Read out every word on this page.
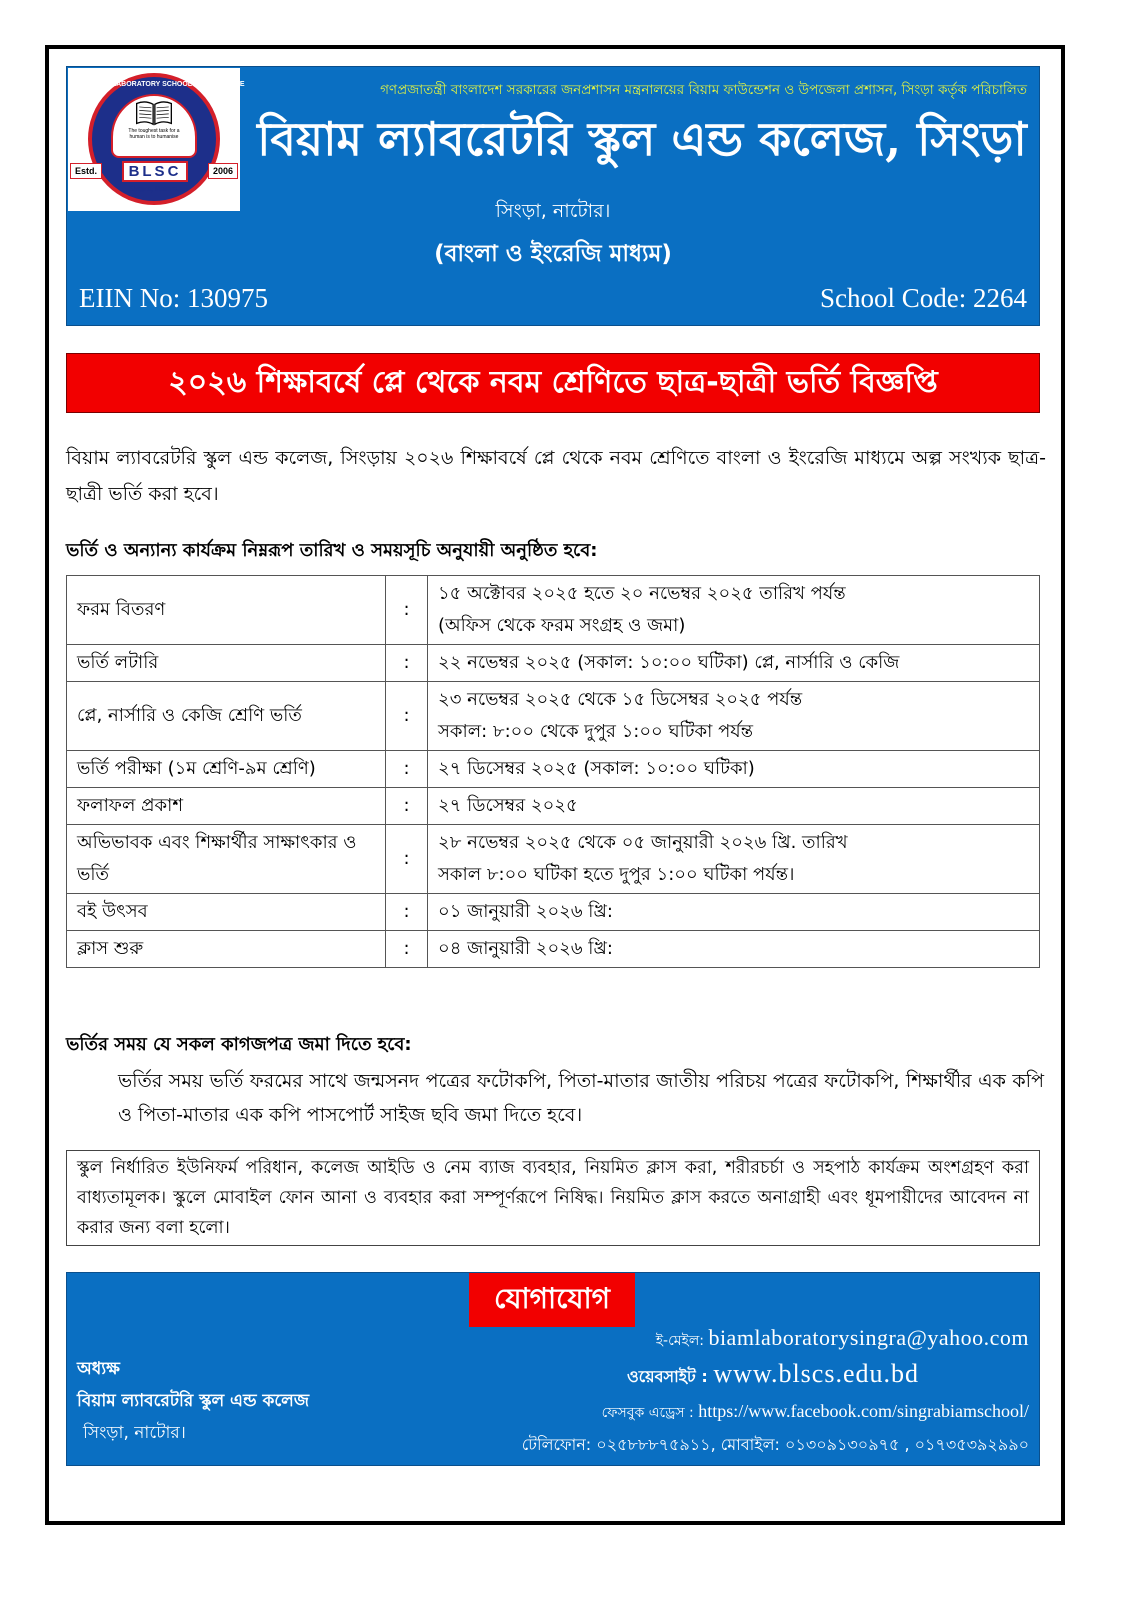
BIAM LABORATORY SCHOOL AND COLLEGE
The toughest task for a human is to humanise
Estd.	BLSC	2006
Singra, Natore.
গণপ্রজাতন্ত্রী বাংলাদেশ সরকারের জনপ্রশাসন মন্ত্রনালয়ের বিয়াম ফাউন্ডেশন ও উপজেলা প্রশাসন, সিংড়া কর্তৃক পরিচালিত
বিয়াম ল্যাবরেটরি স্কুল এন্ড কলেজ, সিংড়া
সিংড়া, নাটোর।
(বাংলা ও ইংরেজি মাধ্যম)
EIIN No: 130975	School Code: 2264
২০২৬ শিক্ষাবর্ষে প্লে থেকে নবম শ্রেণিতে ছাত্র-ছাত্রী ভর্তি বিজ্ঞপ্তি

বিয়াম ল্যাবরেটরি স্কুল এন্ড কলেজ, সিংড়ায় ২০২৬ শিক্ষাবর্ষে প্লে থেকে নবম শ্রেণিতে বাংলা ও ইংরেজি মাধ্যমে অল্প সংখ্যক ছাত্র-ছাত্রী ভর্তি করা হবে।

ভর্তি ও অন্যান্য কার্যক্রম নিম্নরূপ তারিখ ও সময়সূচি অনুযায়ী অনুষ্ঠিত হবে:
ফরম বিতরণ	:	১৫ অক্টোবর ২০২৫ হতে ২০ নভেম্বর ২০২৫ তারিখ পর্যন্ত
(অফিস থেকে ফরম সংগ্রহ ও জমা)

ভর্তি লটারি	:	২২ নভেম্বর ২০২৫ (সকাল: ১০:০০ ঘটিকা) প্লে, নার্সারি ও কেজি

প্লে, নার্সারি ও কেজি শ্রেণি ভর্তি	:	২৩ নভেম্বর ২০২৫ থেকে ১৫ ডিসেম্বর ২০২৫ পর্যন্ত
সকাল: ৮:০০ থেকে দুপুর ১:০০ ঘটিকা পর্যন্ত

ভর্তি পরীক্ষা (১ম শ্রেণি-৯ম শ্রেণি)	:	২৭ ডিসেম্বর ২০২৫ (সকাল: ১০:০০ ঘটিকা)

ফলাফল প্রকাশ	:	২৭ ডিসেম্বর ২০২৫

অভিভাবক এবং শিক্ষার্থীর সাক্ষাৎকার ও ভর্তি	:	২৮ নভেম্বর ২০২৫ থেকে ০৫ জানুয়ারী ২০২৬ খ্রি. তারিখ
সকাল ৮:০০ ঘটিকা হতে দুপুর ১:০০ ঘটিকা পর্যন্ত।

বই উৎসব	:	০১ জানুয়ারী ২০২৬ খ্রি:

ক্লাস শুরু	:	০৪ জানুয়ারী ২০২৬ খ্রি:
ভর্তির সময় যে সকল কাগজপত্র জমা দিতে হবে:

ভর্তির সময় ভর্তি ফরমের সাথে জন্মসনদ পত্রের ফটোকপি, পিতা-মাতার জাতীয় পরিচয় পত্রের ফটোকপি, শিক্ষার্থীর এক কপি ও পিতা-মাতার এক কপি পাসপোর্ট সাইজ ছবি জমা দিতে হবে।

স্কুল নির্ধারিত ইউনিফর্ম পরিধান, কলেজ আইডি ও নেম ব্যাজ ব্যবহার, নিয়মিত ক্লাস করা, শরীরচর্চা ও সহপাঠ কার্যক্রম অংশগ্রহণ করা বাধ্যতামূলক। স্কুলে মোবাইল ফোন আনা ও ব্যবহার করা সম্পূর্ণরূপে নিষিদ্ধ। নিয়মিত ক্লাস করতে অনাগ্রাহী এবং ধূমপায়ীদের আবেদন না করার জন্য বলা হলো।
যোগাযোগ
অধ্যক্ষ
বিয়াম ল্যাবরেটরি স্কুল এন্ড কলেজ
সিংড়া, নাটোর।
ই-মেইল: biamlaboratorysingra@yahoo.com
ওয়েবসাইট : www.blscs.edu.bd
ফেসবুক এড্রেস : https://www.facebook.com/singrabiamschool/
টেলিফোন: ০২৫৮৮৮৭৫৯১১, মোবাইল: ০১৩০৯১৩০৯৭৫ , ০১৭৩৫৩৯২৯৯০
